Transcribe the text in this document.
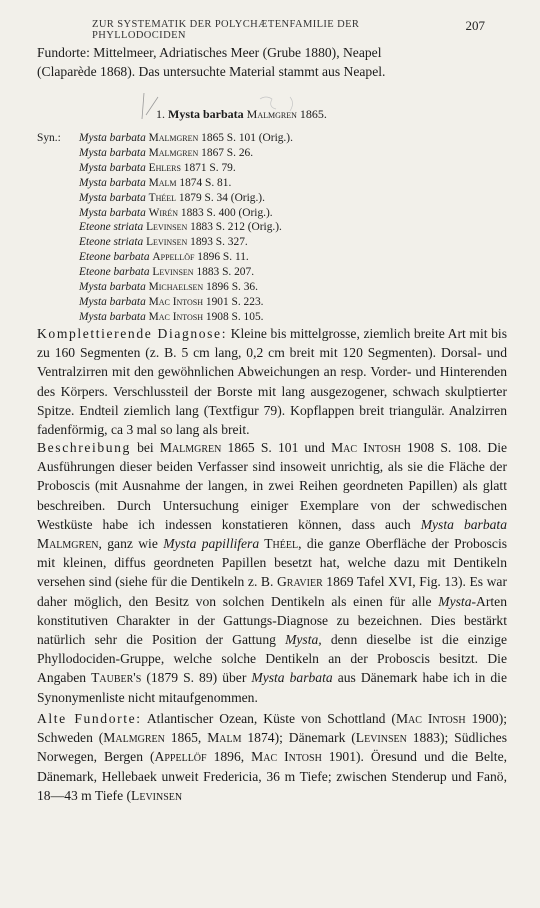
ZUR SYSTEMATIK DER POLYCHÆTENFAMILIE DER PHYLLODOCIDEN
207

Fundorte: Mittelmeer, Adriatisches Meer (Grube 1880), Neapel

(Claparède 1868). Das untersuchte Material stammt aus Neapel.

1. Mysta barbata Malmgren 1865.
Syn.: Mysta barbata Malmgren 1865 S. 101 (Orig.).
Mysta barbata Malmgren 1867 S. 26.
Mysta barbata Ehlers 1871 S. 79.
Mysta barbata Malm 1874 S. 81.
Mysta barbata Théel 1879 S. 34 (Orig.).
Mysta barbata Wirén 1883 S. 400 (Orig.).
Eteone striata Levinsen 1883 S. 212 (Orig.).
Eteone striata Levinsen 1893 S. 327.
Eteone barbata Appellöf 1896 S. 11.
Eteone barbata Levinsen 1883 S. 207.
Mysta barbata Michaelsen 1896 S. 36.
Mysta barbata Mac Intosh 1901 S. 223.
Mysta barbata Mac Intosh 1908 S. 105.

Komplettierende Diagnose: Kleine bis mittelgrosse, ziemlich breite Art mit bis zu 160 Segmenten (z. B. 5 cm lang, 0,2 cm breit mit 120 Segmenten). Dorsal- und Ventralzirren mit den gewöhnlichen Abweichungen an resp. Vorder- und Hinterenden des Körpers. Verschlussteil der Borste mit lang ausgezogener, schwach skulptierter Spitze. Endteil ziemlich lang (Textfigur 79). Kopflappen breit triangulär. Analzirren fadenförmig, ca 3 mal so lang als breit.

Beschreibung bei Malmgren 1865 S. 101 und Mac Intosh 1908 S. 108. Die Ausführungen dieser beiden Verfasser sind insoweit unrichtig, als sie die Fläche der Proboscis (mit Ausnahme der langen, in zwei Reihen geordneten Papillen) als glatt beschreiben. Durch Untersuchung einiger Exemplare von der schwedischen Westküste habe ich indessen konstatieren können, dass auch Mysta barbata Malmgren, ganz wie Mysta papillifera Théel, die ganze Oberfläche der Proboscis mit kleinen, diffus geordneten Papillen besetzt hat, welche dazu mit Dentikeln versehen sind (siehe für die Dentikeln z. B. Gravier 1869 Tafel XVI, Fig. 13). Es war daher möglich, den Besitz von solchen Dentikeln als einen für alle Mysta-Arten konstitutiven Charakter in der Gattungs-Diagnose zu bezeichnen. Dies bestärkt natürlich sehr die Position der Gattung Mysta, denn dieselbe ist die einzige Phyllodociden-Gruppe, welche solche Dentikeln an der Proboscis besitzt. Die Angaben Tauber's (1879 S. 89) über Mysta barbata aus Dänemark habe ich in die Synonymenliste nicht mitaufgenommen.

Alte Fundorte: Atlantischer Ozean, Küste von Schottland (Mac Intosh 1900); Schweden (Malmgren 1865, Malm 1874); Dänemark (Levinsen 1883); Südliches Norwegen, Bergen (Appellöf 1896, Mac Intosh 1901). Öresund und die Belte, Dänemark, Hellebaek unweit Fredericia, 36 m Tiefe; zwischen Stenderup und Fanö, 18—43 m Tiefe (Levinsen
